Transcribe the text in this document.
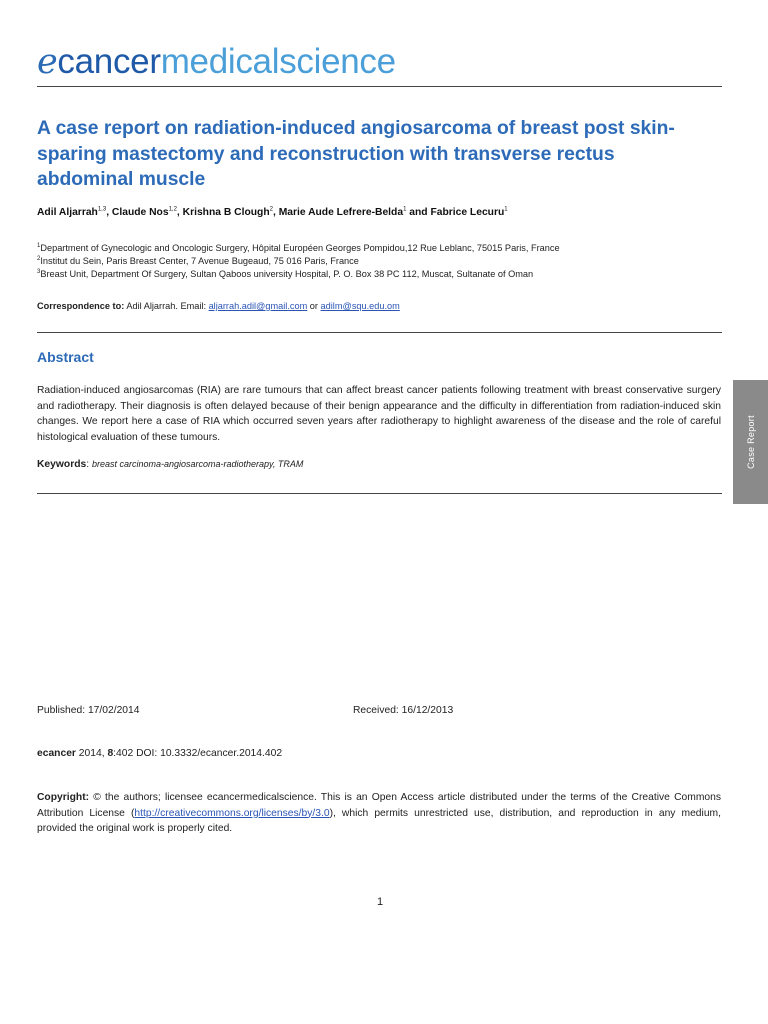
ecancermedicalscience
A case report on radiation-induced angiosarcoma of breast post skin-sparing mastectomy and reconstruction with transverse rectus abdominal muscle
Adil Aljarrah$^{1,3}$, Claude Nos$^{1,2}$, Krishna B Clough$^2$, Marie Aude Lefrere-Belda$^1$ and Fabrice Lecuru$^1$
$^1$Department of Gynecologic and Oncologic Surgery, Hôpital Européen Georges Pompidou,12 Rue Leblanc, 75015 Paris, France
$^2$Institut du Sein, Paris Breast Center, 7 Avenue Bugeaud, 75 016 Paris, France
$^3$Breast Unit, Department Of Surgery, Sultan Qaboos university Hospital, P. O. Box 38 PC 112, Muscat, Sultanate of Oman
Correspondence to: Adil Aljarrah. Email: aljarrah.adil@gmail.com or adilm@squ.edu.om
Abstract
Radiation-induced angiosarcomas (RIA) are rare tumours that can affect breast cancer patients following treatment with breast conservative surgery and radiotherapy. Their diagnosis is often delayed because of their benign appearance and the difficulty in differentiation from radiation-induced skin changes. We report here a case of RIA which occurred seven years after radiotherapy to highlight awareness of the disease and the role of careful histological evaluation of these tumours.
Keywords: breast carcinoma-angiosarcoma-radiotherapy, TRAM
Published: 17/02/2014	Received: 16/12/2013
ecancer 2014, 8:402 DOI: 10.3332/ecancer.2014.402
Copyright: © the authors; licensee ecancermedicalscience. This is an Open Access article distributed under the terms of the Creative Commons Attribution License (http://creativecommons.org/licenses/by/3.0), which permits unrestricted use, distribution, and reproduction in any medium, provided the original work is properly cited.
1
Case Report
